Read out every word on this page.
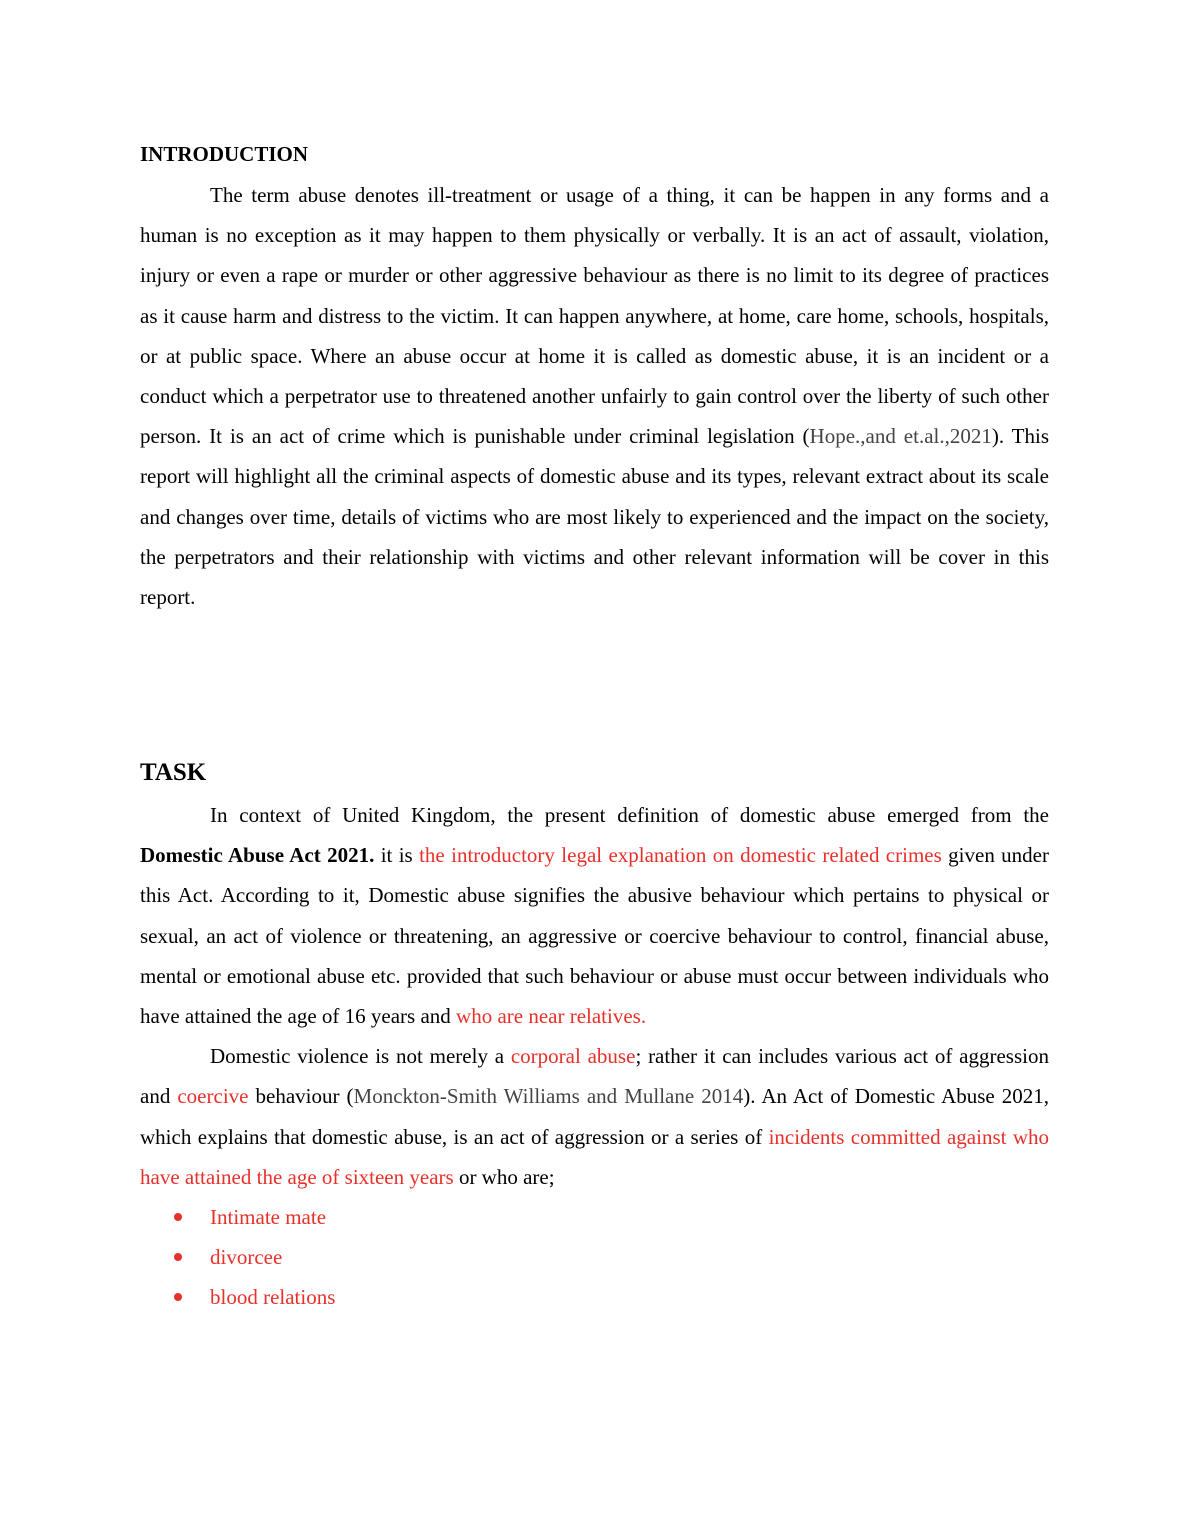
INTRODUCTION

The term abuse denotes ill-treatment or usage of a thing, it can be happen in any forms and a human is no exception as it may happen to them physically or verbally. It is an act of assault, violation, injury or even a rape or murder or other aggressive behaviour as there is no limit to its degree of practices as it cause harm and distress to the victim. It can happen anywhere, at home, care home, schools, hospitals, or at public space. Where an abuse occur at home it is called as domestic abuse, it is an incident or a conduct which a perpetrator use to threatened another unfairly to gain control over the liberty of such other person. It is an act of crime which is punishable under criminal legislation (Hope.,and et.al.,2021). This report will highlight all the criminal aspects of domestic abuse and its types, relevant extract about its scale and changes over time, details of victims who are most likely to experienced and the impact on the society, the perpetrators and their relationship with victims and other relevant information will be cover in this report.

TASK

In context of United Kingdom, the present definition of domestic abuse emerged from the Domestic Abuse Act 2021. it is the introductory legal explanation on domestic related crimes given under this Act. According to it, Domestic abuse signifies the abusive behaviour which pertains to physical or sexual, an act of violence or threatening, an aggressive or coercive behaviour to control, financial abuse, mental or emotional abuse etc. provided that such behaviour or abuse must occur between individuals who have attained the age of 16 years and who are near relatives.

Domestic violence is not merely a corporal abuse; rather it can includes various act of aggression and coercive behaviour (Monckton-Smith Williams and Mullane 2014). An Act of Domestic Abuse 2021, which explains that domestic abuse, is an act of aggression or a series of incidents committed against who have attained the age of sixteen years or who are;

Intimate mate
divorcee
blood relations
